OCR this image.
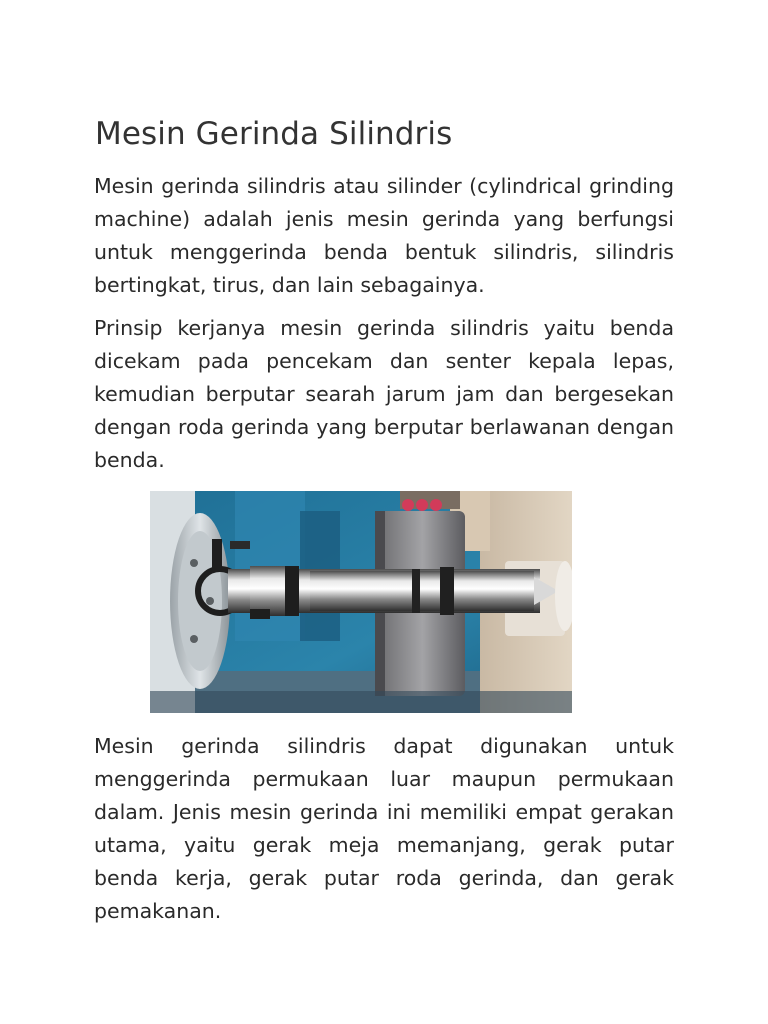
Mesin Gerinda Silindris

Mesin gerinda silindris atau silinder (cylindrical grinding machine) adalah jenis mesin gerinda yang berfungsi untuk menggerinda benda bentuk silindris, silindris bertingkat, tirus, dan lain sebagainya.

Prinsip kerjanya mesin gerinda silindris yaitu benda dicekam pada pencekam dan senter kepala lepas, kemudian berputar searah jarum jam dan bergesekan dengan roda gerinda yang berputar berlawanan dengan benda.

Mesin gerinda silindris dapat digunakan untuk menggerinda permukaan luar maupun permukaan dalam. Jenis mesin gerinda ini memiliki empat gerakan utama, yaitu gerak meja memanjang, gerak putar benda kerja, gerak putar roda gerinda, dan gerak pemakanan.
